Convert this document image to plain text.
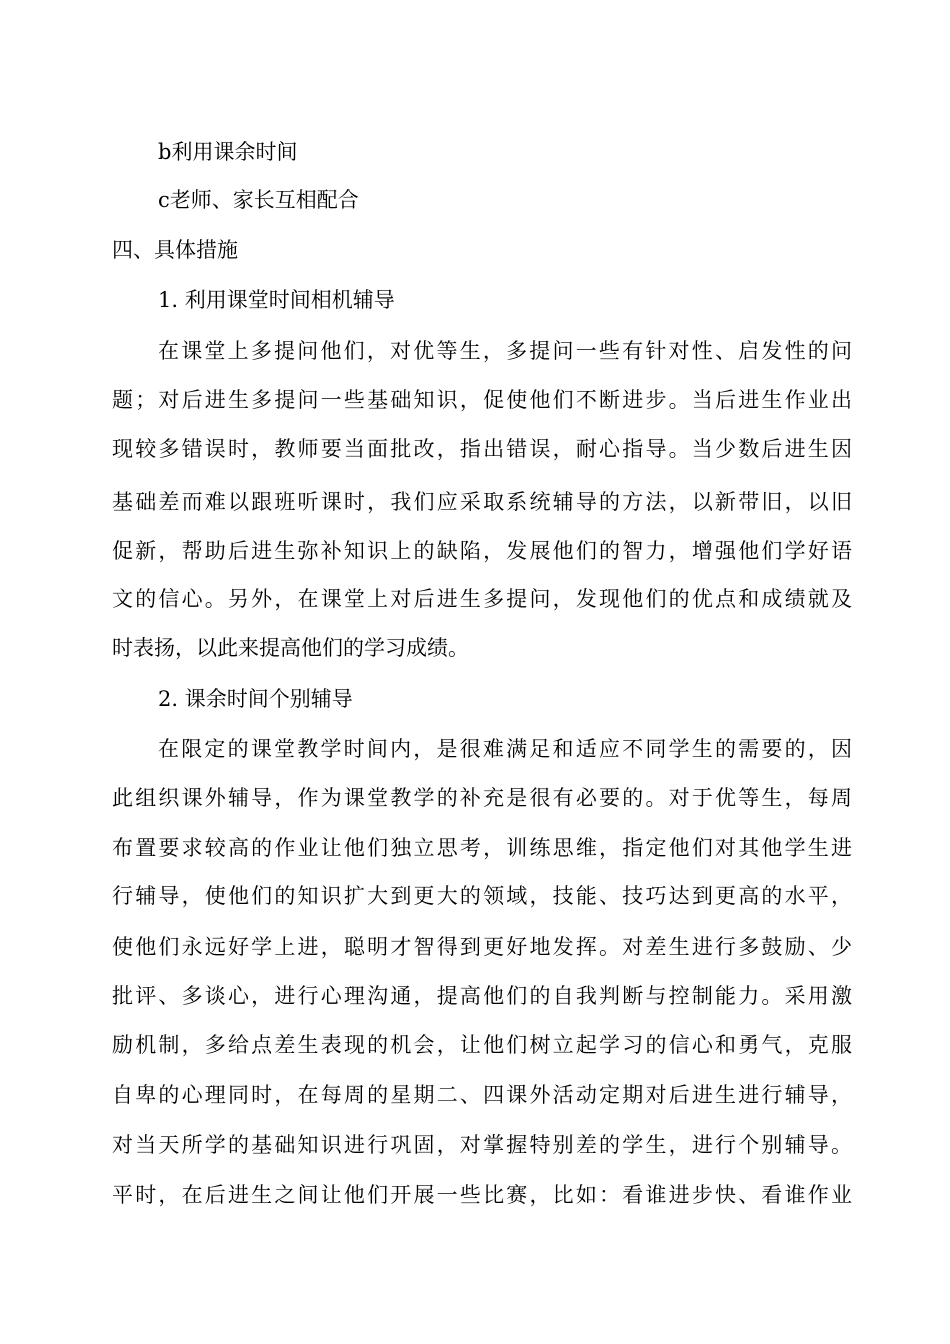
b利用课余时间
c老师、家长互相配合
四、具体措施
1. 利用课堂时间相机辅导
在课堂上多提问他们，对优等生，多提问一些有针对性、启发性的问
题；对后进生多提问一些基础知识，促使他们不断进步。当后进生作业出
现较多错误时，教师要当面批改，指出错误，耐心指导。当少数后进生因
基础差而难以跟班听课时，我们应采取系统辅导的方法，以新带旧，以旧
促新，帮助后进生弥补知识上的缺陷，发展他们的智力，增强他们学好语
文的信心。另外，在课堂上对后进生多提问，发现他们的优点和成绩就及
时表扬，以此来提高他们的学习成绩。
2. 课余时间个别辅导
在限定的课堂教学时间内，是很难满足和适应不同学生的需要的，因
此组织课外辅导，作为课堂教学的补充是很有必要的。对于优等生，每周
布置要求较高的作业让他们独立思考，训练思维，指定他们对其他学生进
行辅导，使他们的知识扩大到更大的领域，技能、技巧达到更高的水平，
使他们永远好学上进，聪明才智得到更好地发挥。对差生进行多鼓励、少
批评、多谈心，进行心理沟通，提高他们的自我判断与控制能力。采用激
励机制，多给点差生表现的机会，让他们树立起学习的信心和勇气，克服
自卑的心理同时，在每周的星期二、四课外活动定期对后进生进行辅导，
对当天所学的基础知识进行巩固，对掌握特别差的学生，进行个别辅导。
平时，在后进生之间让他们开展一些比赛，比如：看谁进步快、看谁作业
